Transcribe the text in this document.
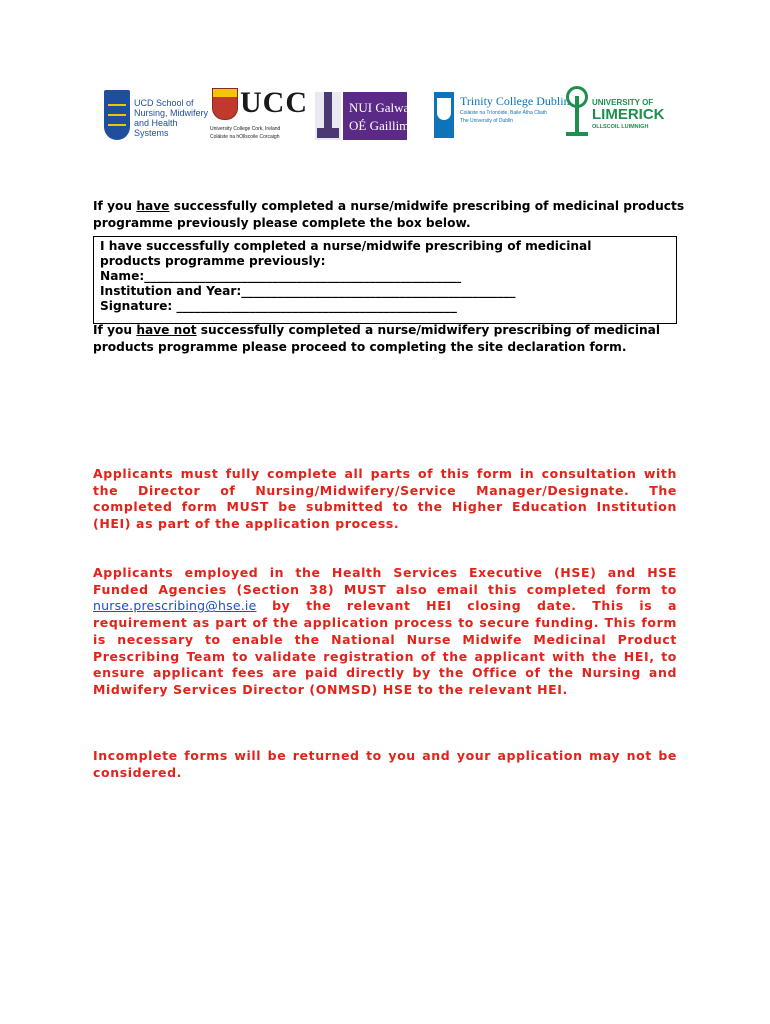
UCD School of
Nursing, Midwifery
and Health Systems
UCC
University College Cork, Ireland
Coláiste na hOllscoile Corcaigh
NUI Galway
OÉ Gaillimh
Trinity College Dublin
Coláiste na Tríonóide, Baile Átha Cliath
The University of Dublin
UNIVERSITY OF
LIMERICK
OLLSCOIL LUIMNIGH
If you have successfully completed a nurse/midwife prescribing of medicinal products programme previously please complete the box below.
I have successfully completed a nurse/midwife prescribing of medicinal
products programme previously:
Name:____________________________________________________
Institution and Year:_____________________________________________
Signature: ______________________________________________
If you have not successfully completed a nurse/midwifery prescribing of medicinal products programme please proceed to completing the site declaration form.
Applicants must fully complete all parts of this form in consultation with the Director of Nursing/Midwifery/Service Manager/Designate. The completed form MUST be submitted to the Higher Education Institution (HEI) as part of the application process.
Applicants employed in the Health Services Executive (HSE) and HSE Funded Agencies (Section 38) MUST also email this completed form to nurse.prescribing@hse.ie by the relevant HEI closing date. This is a requirement as part of the application process to secure funding. This form is necessary to enable the National Nurse Midwife Medicinal Product Prescribing Team to validate registration of the applicant with the HEI, to ensure applicant fees are paid directly by the Office of the Nursing and Midwifery Services Director (ONMSD) HSE to the relevant HEI.
Incomplete forms will be returned to you and your application may not be considered.
